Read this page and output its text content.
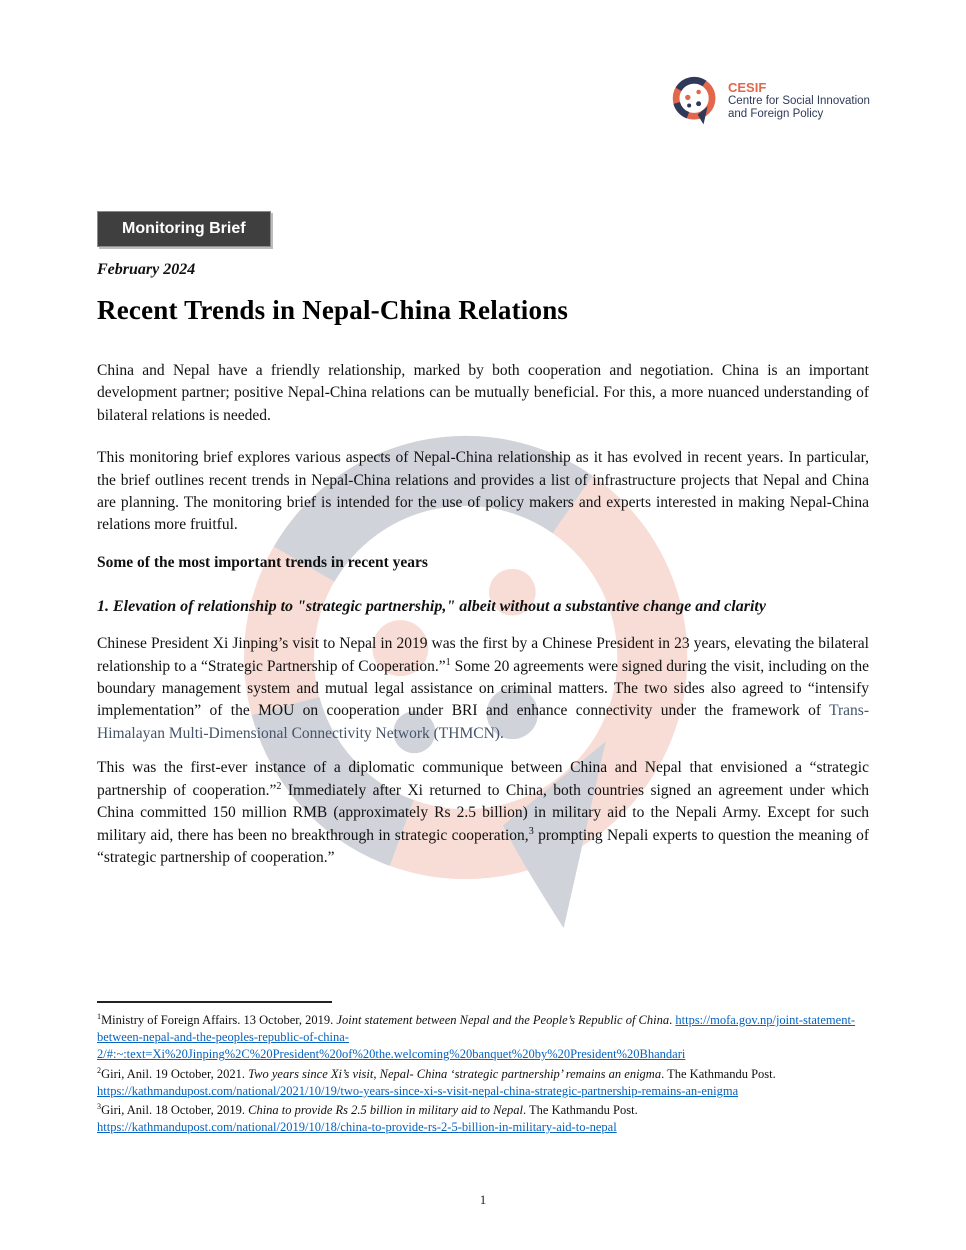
CESIF
Centre for Social Innovation
and Foreign Policy
Monitoring Brief

February 2024

Recent Trends in Nepal-China Relations

China and Nepal have a friendly relationship, marked by both cooperation and negotiation. China is an important development partner; positive Nepal-China relations can be mutually beneficial. For this, a more nuanced understanding of bilateral relations is needed.

This monitoring brief explores various aspects of Nepal-China relationship as it has evolved in recent years. In particular, the brief outlines recent trends in Nepal-China relations and provides a list of infrastructure projects that Nepal and China are planning. The monitoring brief is intended for the use of policy makers and experts interested in making Nepal-China relations more fruitful.

Some of the most important trends in recent years
1. Elevation of relationship to "strategic partnership," albeit without a substantive change and clarity

Chinese President Xi Jinping’s visit to Nepal in 2019 was the first by a Chinese President in 23 years, elevating the bilateral relationship to a “Strategic Partnership of Cooperation.”$^1$ Some 20 agreements were signed during the visit, including on the boundary management system and mutual legal assistance on criminal matters. The two sides also agreed to “intensify implementation” of the MOU on cooperation under BRI and enhance connectivity under the framework of Trans-Himalayan Multi-Dimensional Connectivity Network (THMCN).

This was the first-ever instance of a diplomatic communique between China and Nepal that envisioned a “strategic partnership of cooperation.”$^2$ Immediately after Xi returned to China, both countries signed an agreement under which China committed 150 million RMB (approximately Rs 2.5 billion) in military aid to the Nepali Army. Except for such military aid, there has been no breakthrough in strategic cooperation,$^3$ prompting Nepali experts to question the meaning of “strategic partnership of cooperation.”

$^1$Ministry of Foreign Affairs. 13 October, 2019. Joint statement between Nepal and the People’s Republic of China. https://mofa.gov.np/joint-statement-between-nepal-and-the-peoples-republic-of-china-2/#:~:text=Xi%20Jinping%2C%20President%20of%20the.welcoming%20banquet%20by%20President%20Bhandari

$^2$Giri, Anil. 19 October, 2021. Two years since Xi’s visit, Nepal- China ‘strategic partnership’ remains an enigma. The Kathmandu Post. https://kathmandupost.com/national/2021/10/19/two-years-since-xi-s-visit-nepal-china-strategic-partnership-remains-an-enigma

$^3$Giri, Anil. 18 October, 2019. China to provide Rs 2.5 billion in military aid to Nepal. The Kathmandu Post. https://kathmandupost.com/national/2019/10/18/china-to-provide-rs-2-5-billion-in-military-aid-to-nepal

1
